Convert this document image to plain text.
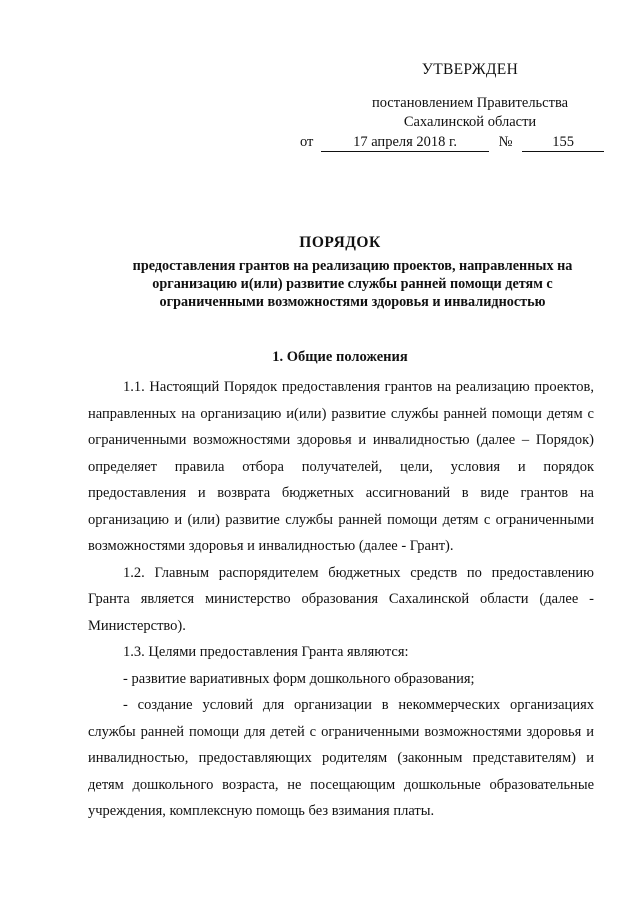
УТВЕРЖДЕН
постановлением Правительства
Сахалинской области
от	17 апреля 2018 г.	№	155
ПОРЯДОК
предоставления грантов на реализацию проектов, направленных на организацию и(или) развитие службы ранней помощи детям с ограниченными возможностями здоровья и инвалидностью
1. Общие положения

1.1. Настоящий Порядок предоставления грантов на реализацию проектов, направленных на организацию и(или) развитие службы ранней помощи детям с ограниченными возможностями здоровья и инвалидностью (далее – Порядок) определяет правила отбора получателей, цели, условия и порядок предоставления и возврата бюджетных ассигнований в виде грантов на организацию и (или) развитие службы ранней помощи детям с ограниченными возможностями здоровья и инвалидностью (далее - Грант).

1.2. Главным распорядителем бюджетных средств по предоставлению Гранта является министерство образования Сахалинской области (далее - Министерство).

1.3. Целями предоставления Гранта являются:

- развитие вариативных форм дошкольного образования;

- создание условий для организации в некоммерческих организациях службы ранней помощи для детей с ограниченными возможностями здоровья и инвалидностью, предоставляющих родителям (законным представителям) и детям дошкольного возраста, не посещающим дошкольные образовательные учреждения, комплексную помощь без взимания платы.
